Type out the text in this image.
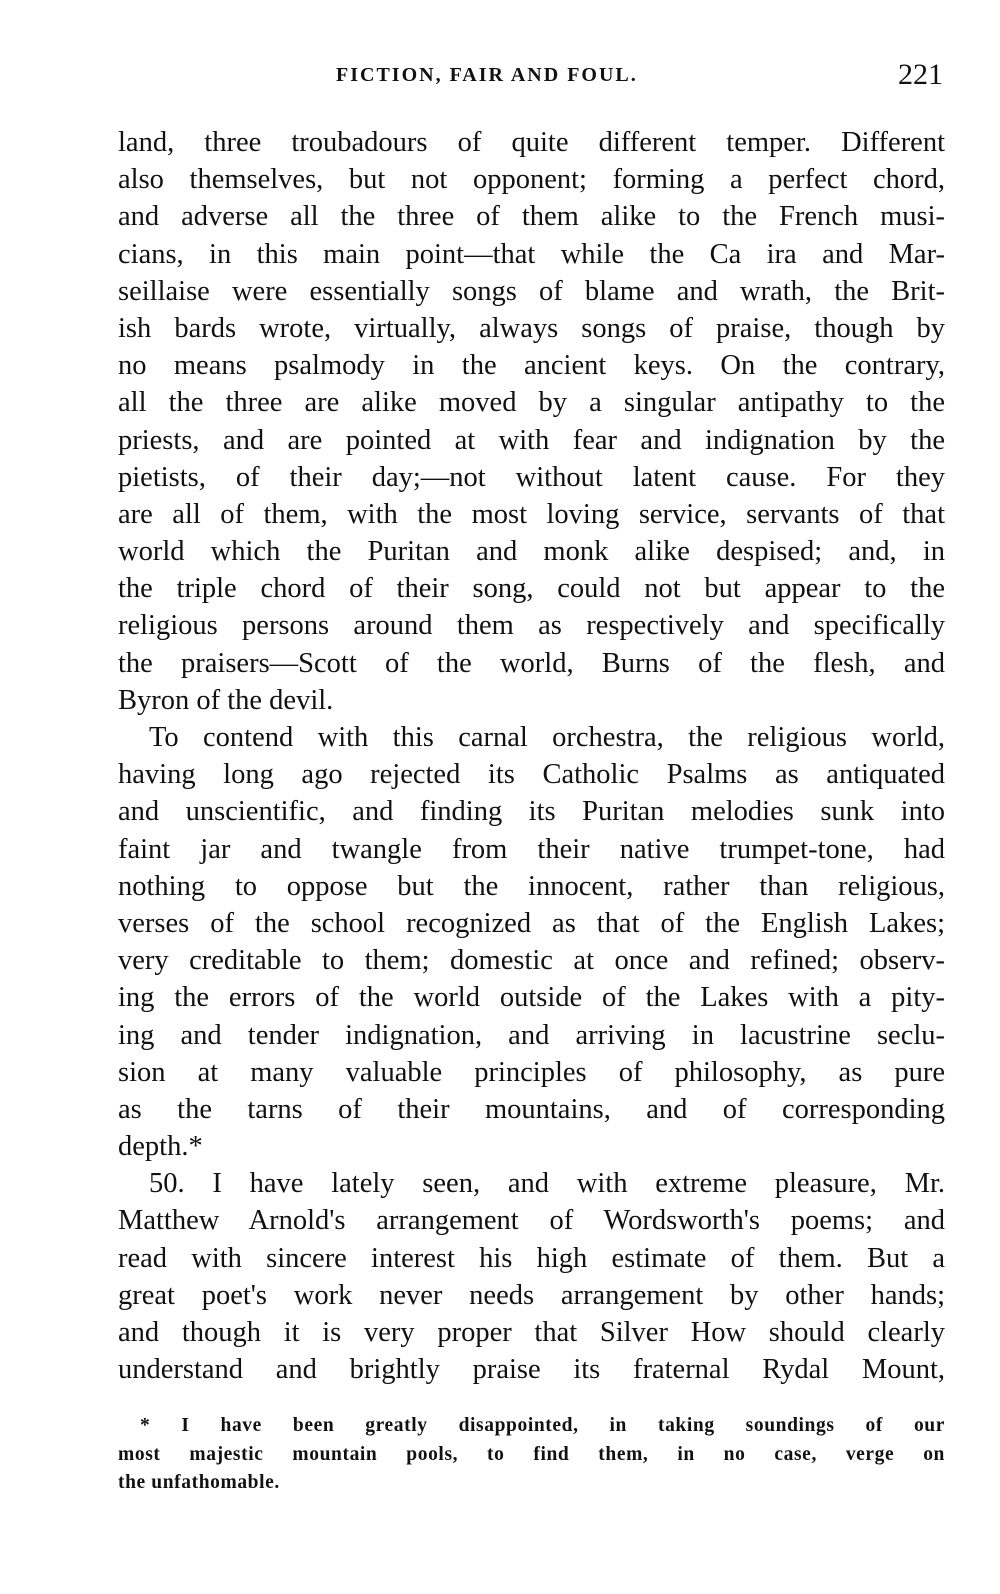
FICTION, FAIR AND FOUL.	221
land, three troubadours of quite different temper. Different
also themselves, but not opponent; forming a perfect chord,
and adverse all the three of them alike to the French musi-
cians, in this main point—that while the Ca ira and Mar-
seillaise were essentially songs of blame and wrath, the Brit-
ish bards wrote, virtually, always songs of praise, though by
no means psalmody in the ancient keys. On the contrary,
all the three are alike moved by a singular antipathy to the
priests, and are pointed at with fear and indignation by the
pietists, of their day;—not without latent cause. For they
are all of them, with the most loving service, servants of that
world which the Puritan and monk alike despised; and, in
the triple chord of their song, could not but appear to the
religious persons around them as respectively and specifically
the praisers—Scott of the world, Burns of the flesh, and
Byron of the devil.
To contend with this carnal orchestra, the religious world,
having long ago rejected its Catholic Psalms as antiquated
and unscientific, and finding its Puritan melodies sunk into
faint jar and twangle from their native trumpet-tone, had
nothing to oppose but the innocent, rather than religious,
verses of the school recognized as that of the English Lakes;
very creditable to them; domestic at once and refined; observ-
ing the errors of the world outside of the Lakes with a pity-
ing and tender indignation, and arriving in lacustrine seclu-
sion at many valuable principles of philosophy, as pure
as the tarns of their mountains, and of corresponding
depth.*
50. I have lately seen, and with extreme pleasure, Mr.
Matthew Arnold's arrangement of Wordsworth's poems; and
read with sincere interest his high estimate of them. But a
great poet's work never needs arrangement by other hands;
and though it is very proper that Silver How should clearly
understand and brightly praise its fraternal Rydal Mount,
* I have been greatly disappointed, in taking soundings of our
most majestic mountain pools, to find them, in no case, verge on
the unfathomable.
